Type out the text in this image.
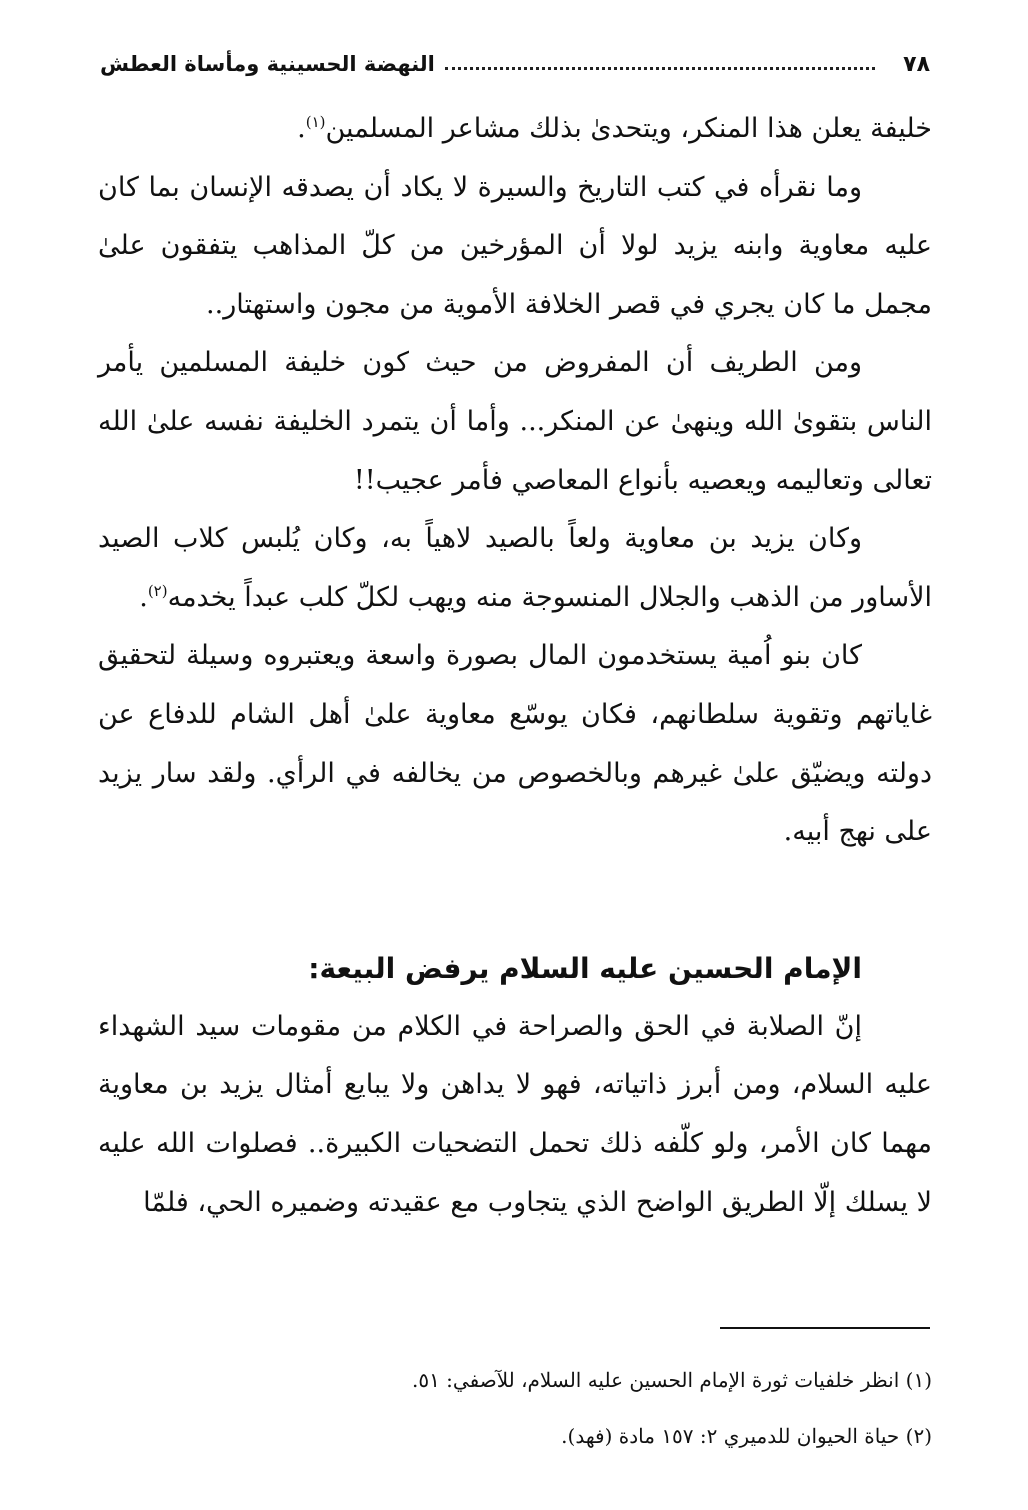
٧٨
النهضة الحسينية ومأساة العطش

خليفة يعلن هذا المنكر، ويتحدىٰ بذلك مشاعر المسلمين$^{(١)}$.

وما نقرأه في كتب التاريخ والسيرة لا يكاد أن يصدقه الإنسان بما كان عليه معاوية وابنه يزيد لولا أن المؤرخين من كلّ المذاهب يتفقون علىٰ مجمل ما كان يجري في قصر الخلافة الأموية من مجون واستهتار..

ومن الطريف أن المفروض من حيث كون خليفة المسلمين يأمر الناس بتقوىٰ الله وينهىٰ عن المنكر... وأما أن يتمرد الخليفة نفسه علىٰ الله تعالى وتعاليمه ويعصيه بأنواع المعاصي فأمر عجيب!!

وكان يزيد بن معاوية ولعاً بالصيد لاهياً به، وكان يُلبس كلاب الصيد الأساور من الذهب والجلال المنسوجة منه ويهب لكلّ كلب عبداً يخدمه$^{(٢)}$.

كان بنو اُمية يستخدمون المال بصورة واسعة ويعتبروه وسيلة لتحقيق غاياتهم وتقوية سلطانهم، فكان يوسّع معاوية علىٰ أهل الشام للدفاع عن دولته ويضيّق علىٰ غيرهم وبالخصوص من يخالفه في الرأي. ولقد سار يزيد على نهج أبيه.

الإمام الحسين عليه السلام يرفض البيعة:

إنّ الصلابة في الحق والصراحة في الكلام من مقومات سيد الشهداء عليه السلام، ومن أبرز ذاتياته، فهو لا يداهن ولا يبايع أمثال يزيد بن معاوية مهما كان الأمر، ولو كلّفه ذلك تحمل التضحيات الكبيرة.. فصلوات الله عليه لا يسلك إلّا الطريق الواضح الذي يتجاوب مع عقيدته وضميره الحي، فلمّا

(١) انظر خلفيات ثورة الإمام الحسين عليه السلام، للآصفي: ٥١.

(٢) حياة الحيوان للدميري ٢: ١٥٧ مادة (فهد).
